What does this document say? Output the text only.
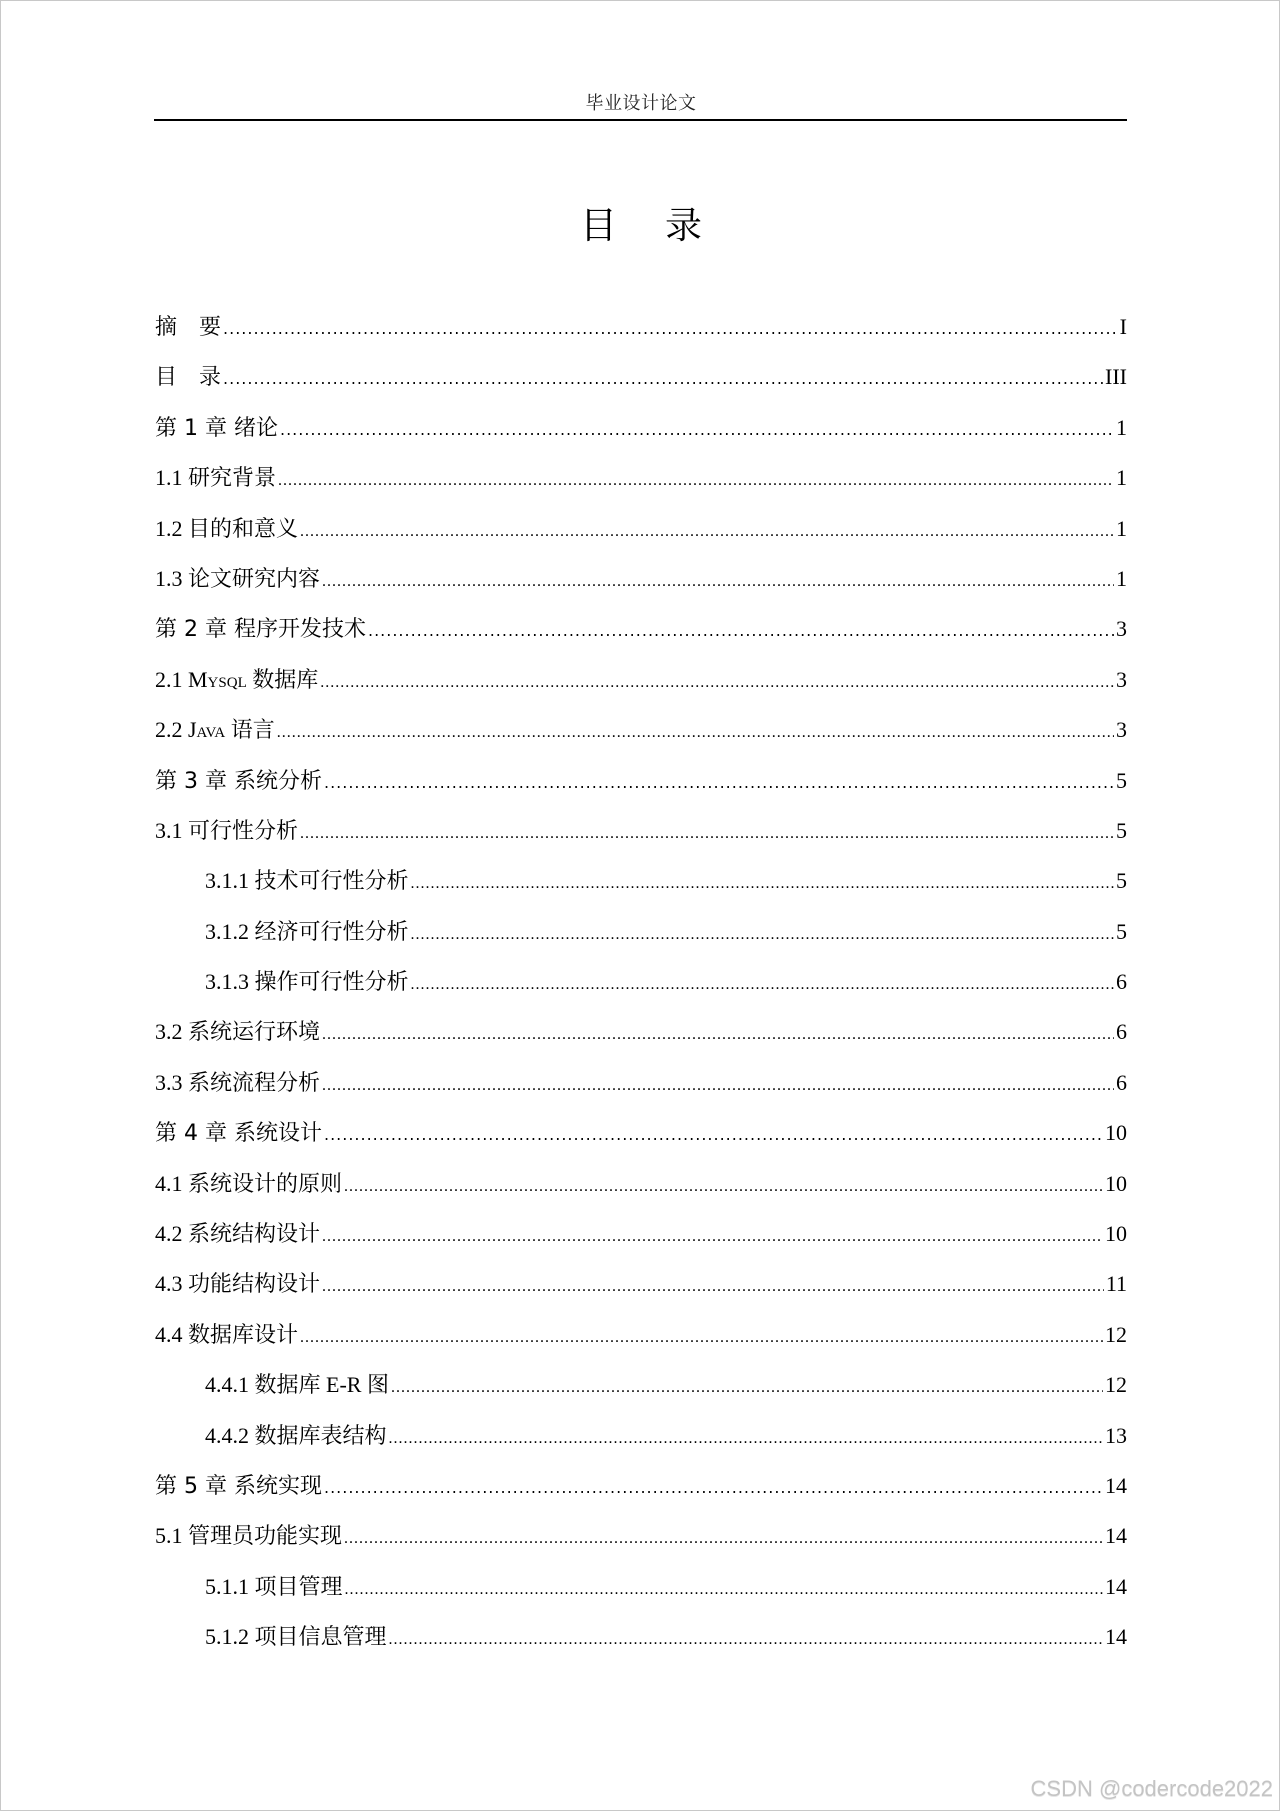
毕业设计论文
目 录
摘　要 .....	I
目　录 .....	III
第 1 章 绪论 .....	1
1.1 研究背景 .....	1
1.2 目的和意义 .....	1
1.3 论文研究内容 .....	1
第 2 章 程序开发技术 .....	3
2.1 Mysql 数据库 .....	3
2.2 Java 语言 .....	3
第 3 章 系统分析 .....	5
3.1 可行性分析 .....	5
3.1.1 技术可行性分析 .....	5
3.1.2 经济可行性分析 .....	5
3.1.3 操作可行性分析 .....	6
3.2 系统运行环境 .....	6
3.3 系统流程分析 .....	6
第 4 章 系统设计 .....	10
4.1 系统设计的原则 .....	10
4.2 系统结构设计 .....	10
4.3 功能结构设计 .....	11
4.4 数据库设计 .....	12
4.4.1 数据库 E-R 图 .....	12
4.4.2 数据库表结构 .....	13
第 5 章 系统实现 .....	14
5.1 管理员功能实现 .....	14
5.1.1 项目管理 .....	14
5.1.2 项目信息管理 .....	14
CSDN @codercode2022
